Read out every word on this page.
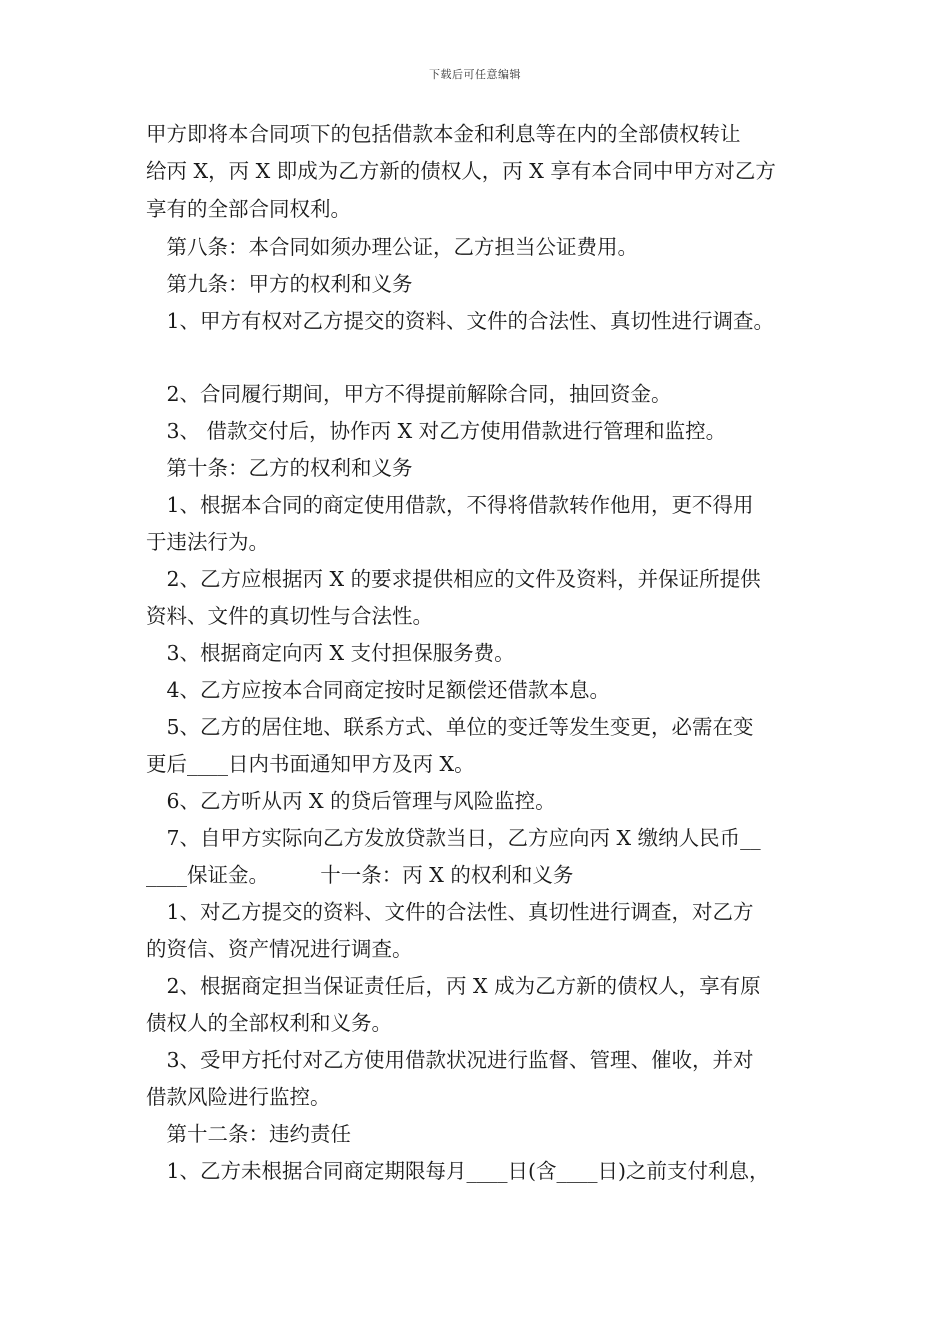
下载后可任意编辑
甲方即将本合同项下的包括借款本金和利息等在内的全部债权转让
给丙 X，丙 X 即成为乙方新的债权人，丙 X 享有本合同中甲方对乙方
享有的全部合同权利。
　第八条：本合同如须办理公证，乙方担当公证费用。
　第九条：甲方的权利和义务
　1、甲方有权对乙方提交的资料、文件的合法性、真切性进行调查。
　2、合同履行期间，甲方不得提前解除合同，抽回资金。
　3、 借款交付后，协作丙 X 对乙方使用借款进行管理和监控。
　第十条：乙方的权利和义务
　1、根据本合同的商定使用借款，不得将借款转作他用，更不得用
于违法行为。
　2、乙方应根据丙 X 的要求提供相应的文件及资料，并保证所提供
资料、文件的真切性与合法性。
　3、根据商定向丙 X 支付担保服务费。
　4、乙方应按本合同商定按时足额偿还借款本息。
　5、乙方的居住地、联系方式、单位的变迁等发生变更，必需在变
更后____日内书面通知甲方及丙 X。
　6、乙方听从丙 X 的贷后管理与风险监控。
　7、自甲方实际向乙方发放贷款当日，乙方应向丙 X 缴纳人民币__
____保证金。　　　十一条：丙 X 的权利和义务
　1、对乙方提交的资料、文件的合法性、真切性进行调查，对乙方
的资信、资产情况进行调查。
　2、根据商定担当保证责任后，丙 X 成为乙方新的债权人，享有原
债权人的全部权利和义务。
　3、受甲方托付对乙方使用借款状况进行监督、管理、催收，并对
借款风险进行监控。
　第十二条：违约责任
　1、乙方未根据合同商定期限每月____日(含____日)之前支付利息，
